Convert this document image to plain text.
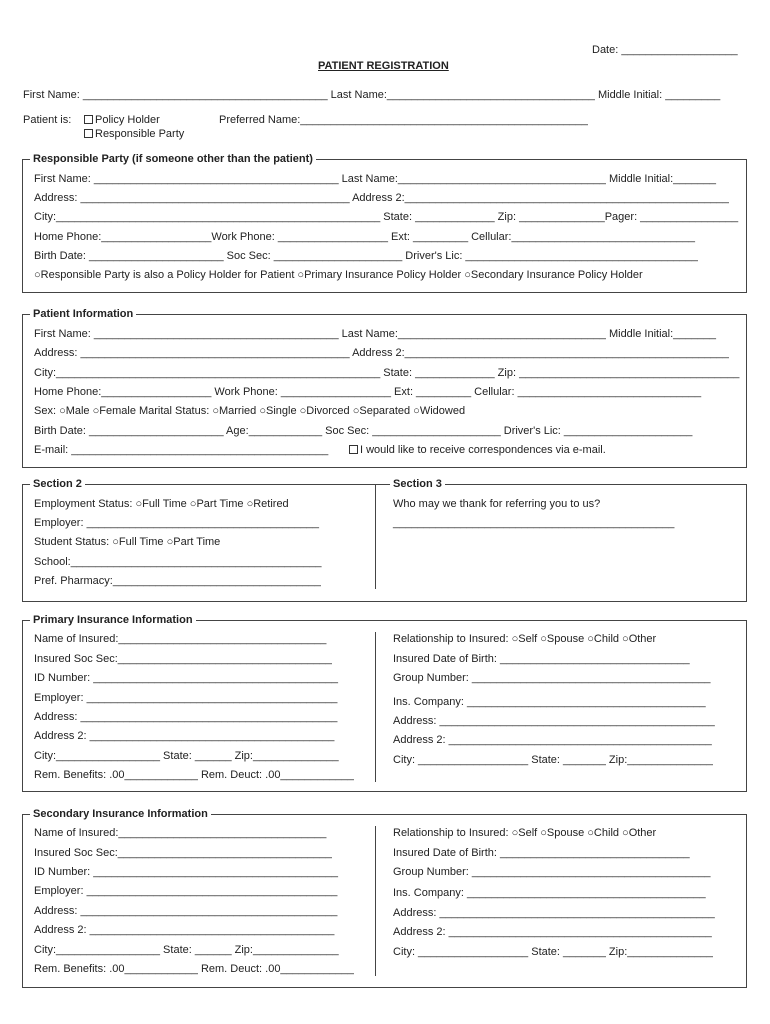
Date: ___________________
PATIENT REGISTRATION
First Name: ________________________________________ Last Name:__________________________________ Middle Initial: _________
Patient is:	Policy Holder
Responsible Party
Preferred Name:_______________________________________________
Responsible Party (if someone other than the patient)
First Name: ________________________________________ Last Name:__________________________________ Middle Initial:_______
Address: ____________________________________________ Address 2:_____________________________________________________
City:_____________________________________________________ State: _____________ Zip: ______________Pager: ________________
Home Phone:__________________Work Phone: __________________ Ext: _________ Cellular:______________________________
Birth Date: ______________________ Soc Sec: _____________________ Driver's Lic: ______________________________________
○Responsible Party is also a Policy Holder for Patient ○Primary Insurance Policy Holder ○Secondary Insurance Policy Holder
Patient Information
First Name: ________________________________________ Last Name:__________________________________ Middle Initial:_______
Address: ____________________________________________ Address 2:_____________________________________________________
City:_____________________________________________________ State: _____________ Zip: ____________________________________
Home Phone:__________________ Work Phone: __________________ Ext: _________ Cellular: ______________________________
Sex: ○Male ○Female Marital Status: ○Married ○Single ○Divorced ○Separated ○Widowed
Birth Date: ______________________ Age:____________ Soc Sec: _____________________ Driver's Lic: _____________________
E-mail: __________________________________________	I would like to receive correspondences via e-mail.
Section 2	Section 3
Employment Status: ○Full Time ○Part Time ○Retired
Employer: ______________________________________
Student Status: ○Full Time ○Part Time
School:_________________________________________
Pref. Pharmacy:__________________________________
Who may we thank for referring you to us?
______________________________________________
Primary Insurance Information
Name of Insured:__________________________________
Insured Soc Sec:___________________________________
ID Number: ________________________________________
Employer: _________________________________________
Address: __________________________________________
Address 2: ________________________________________
City:_________________ State: ______ Zip:______________
Rem. Benefits: .00____________ Rem. Deuct: .00____________
Relationship to Insured: ○Self ○Spouse ○Child ○Other
Insured Date of Birth: _______________________________
Group Number: _______________________________________
Ins. Company: _______________________________________
Address: _____________________________________________
Address 2: ___________________________________________
City: __________________ State: _______ Zip:______________
Secondary Insurance Information
Name of Insured:__________________________________
Insured Soc Sec:___________________________________
ID Number: ________________________________________
Employer: _________________________________________
Address: __________________________________________
Address 2: ________________________________________
City:_________________ State: ______ Zip:______________
Rem. Benefits: .00____________ Rem. Deuct: .00____________
Relationship to Insured: ○Self ○Spouse ○Child ○Other
Insured Date of Birth: _______________________________
Group Number: _______________________________________
Ins. Company: _______________________________________
Address: _____________________________________________
Address 2: ___________________________________________
City: __________________ State: _______ Zip:______________
